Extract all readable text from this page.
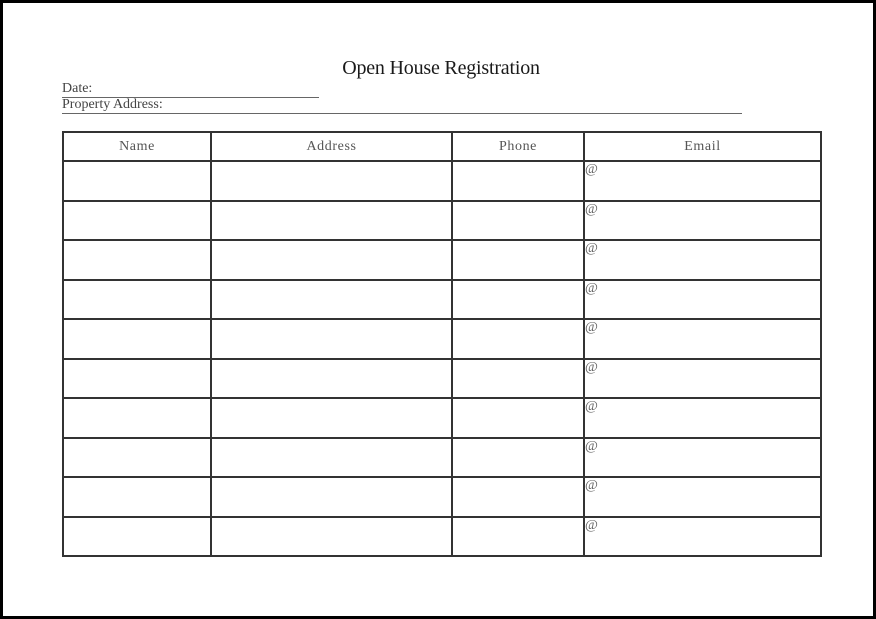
Open House Registration
Date:
Property Address:
Name	Address	Phone	Email
			@
			@
			@
			@
			@
			@
			@
			@
			@
			@
